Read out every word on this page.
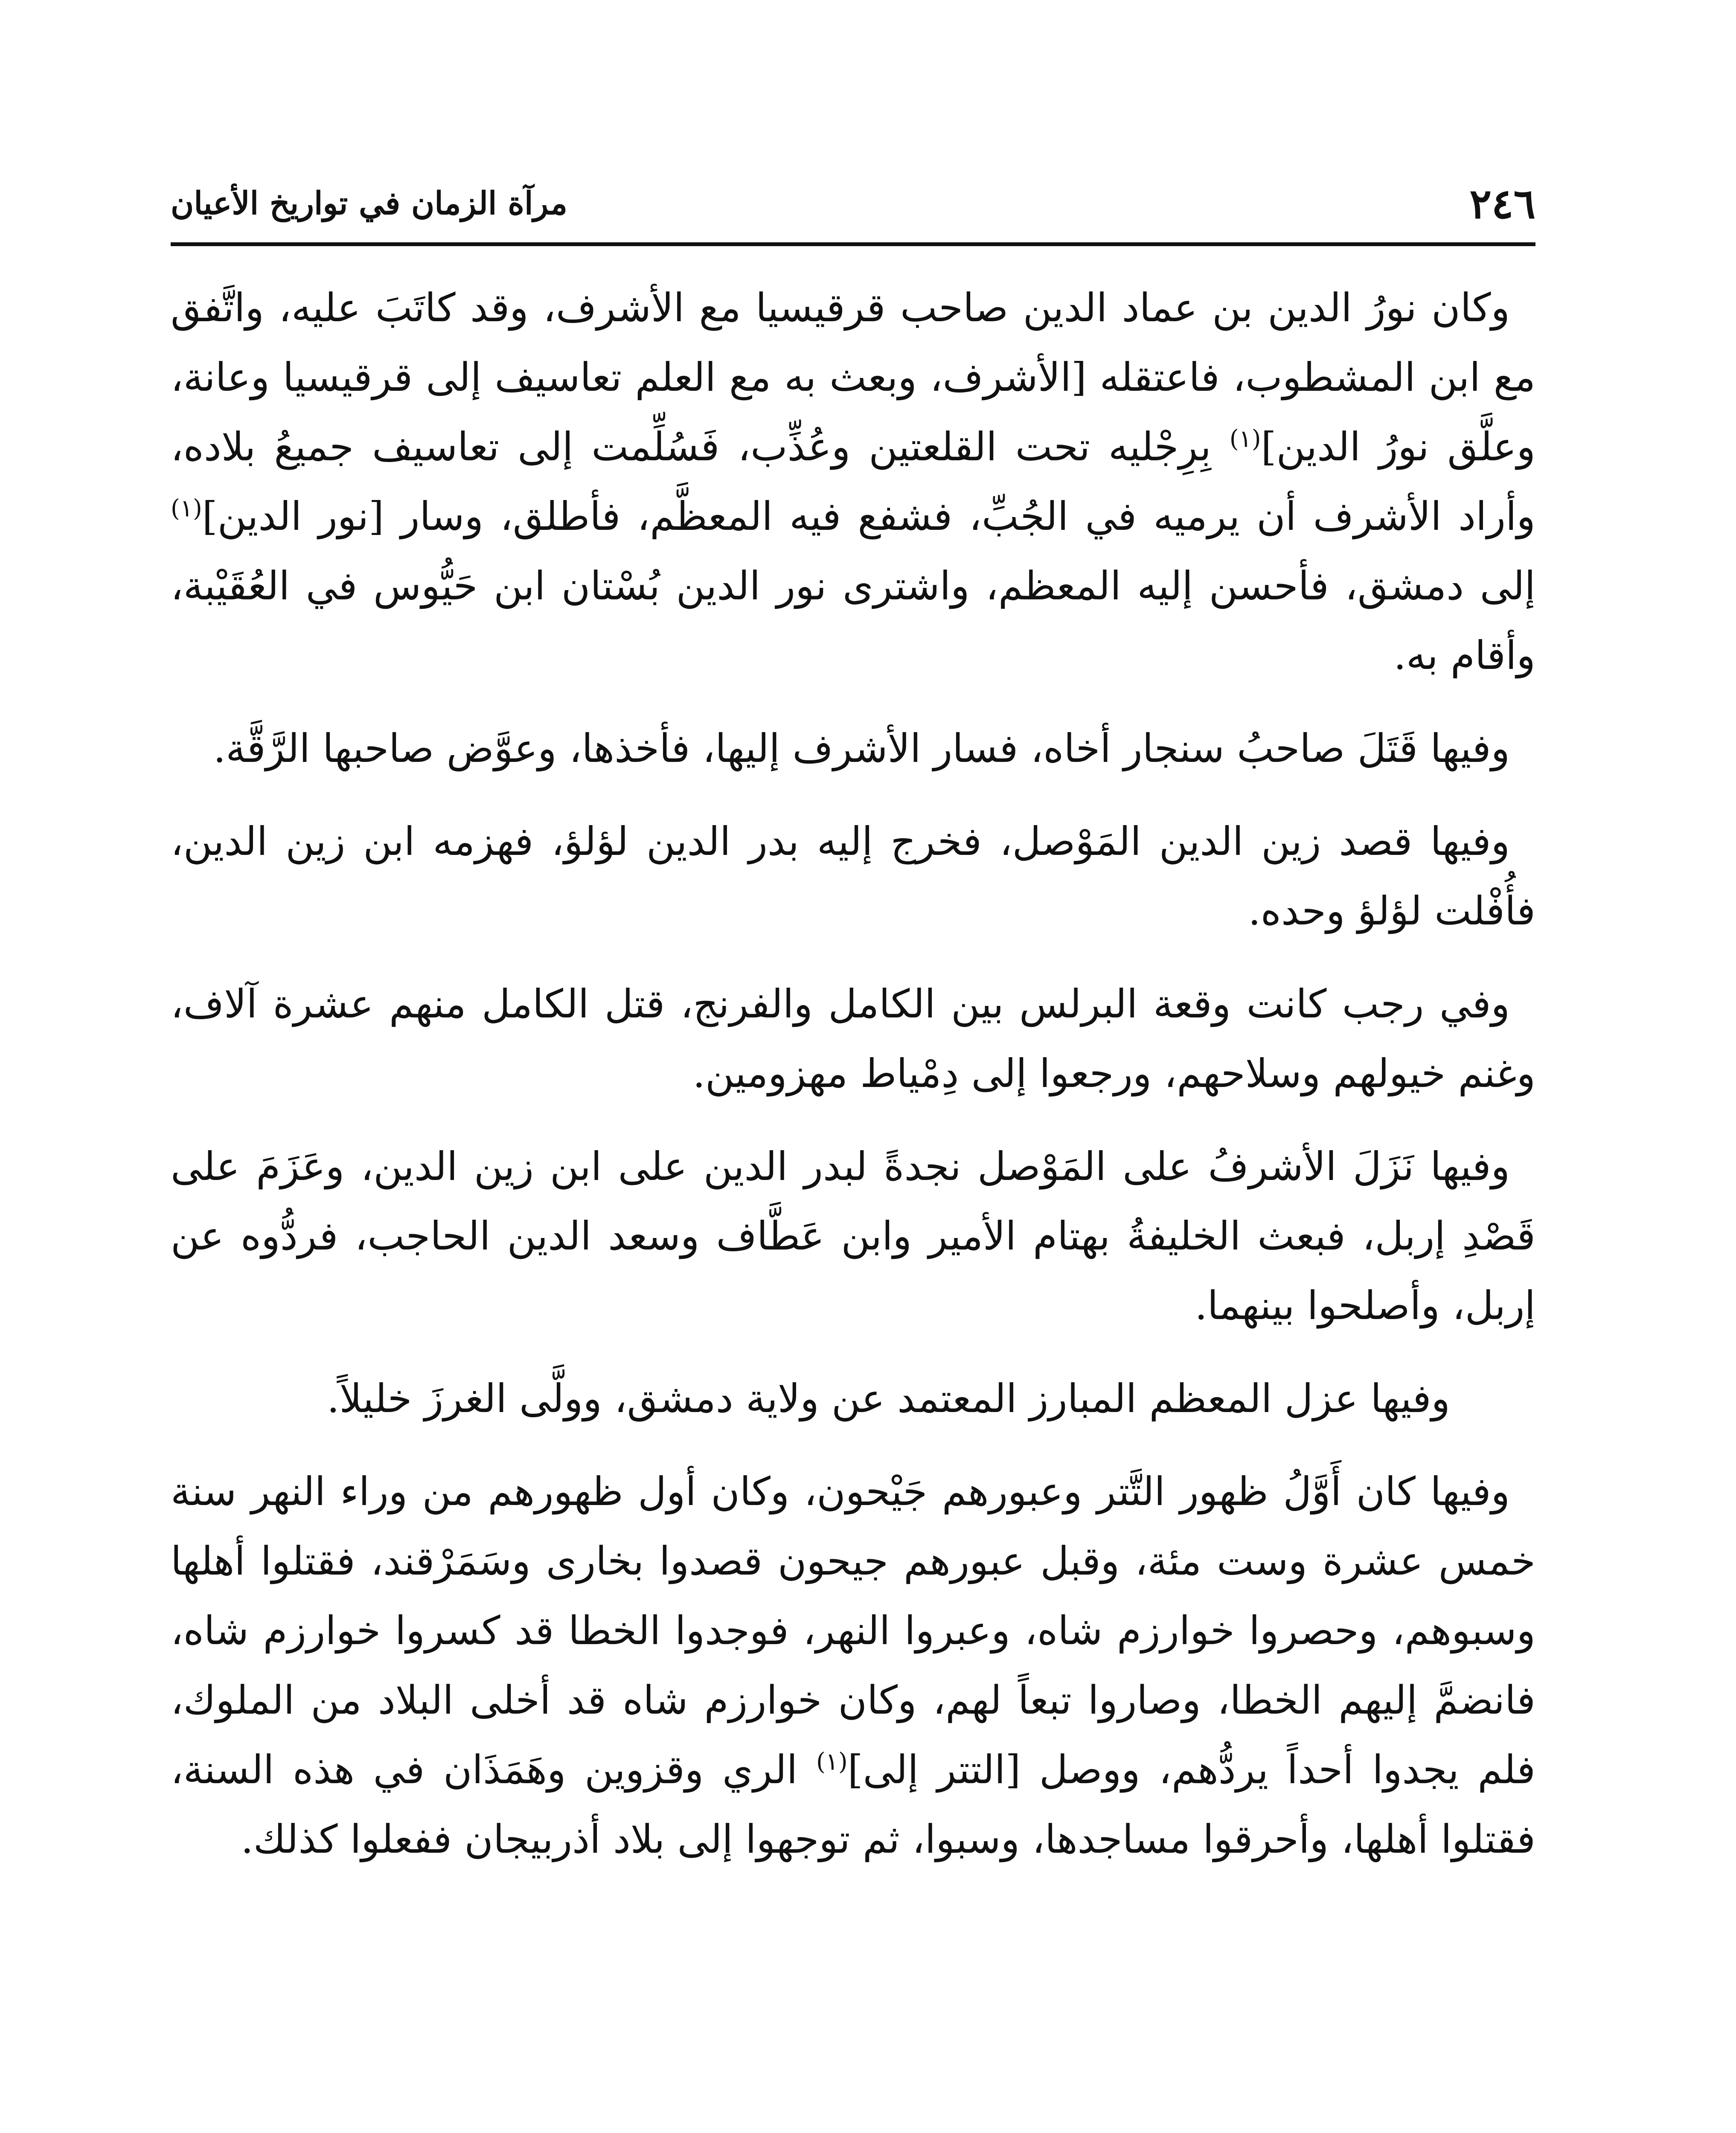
٢٤٦
مرآة الزمان في تواريخ الأعيان

وكان نورُ الدين بن عماد الدين صاحب قرقيسيا مع الأشرف، وقد كاتَبَ عليه، واتَّفق مع ابن المشطوب، فاعتقله [الأشرف، وبعث به مع العلم تعاسيف إلى قرقيسيا وعانة، وعلَّق نورُ الدين]$^{(١)}$ بِرِجْليه تحت القلعتين وعُذِّب، فَسُلِّمت إلى تعاسيف جميعُ بلاده، وأراد الأشرف أن يرميه في الجُبِّ، فشفع فيه المعظَّم، فأطلق، وسار [نور الدين]$^{(١)}$ إلى دمشق، فأحسن إليه المعظم، واشترى نور الدين بُسْتان ابن حَيُّوس في العُقَيْبة، وأقام به.

وفيها قَتَلَ صاحبُ سنجار أخاه، فسار الأشرف إليها، فأخذها، وعوَّض صاحبها الرَّقَّة.

وفيها قصد زين الدين المَوْصل، فخرج إليه بدر الدين لؤلؤ، فهزمه ابن زين الدين، فأُفْلت لؤلؤ وحده.

وفي رجب كانت وقعة البرلس بين الكامل والفرنج، قتل الكامل منهم عشرة آلاف، وغنم خيولهم وسلاحهم، ورجعوا إلى دِمْياط مهزومين.

وفيها نَزَلَ الأشرفُ على المَوْصل نجدةً لبدر الدين على ابن زين الدين، وعَزَمَ على قَصْدِ إربل، فبعث الخليفةُ بهتام الأمير وابن عَطَّاف وسعد الدين الحاجب، فردُّوه عن إربل، وأصلحوا بينهما.

وفيها عزل المعظم المبارز المعتمد عن ولاية دمشق، وولَّى الغرزَ خليلاً.

وفيها كان أَوَّلُ ظهور التَّتر وعبورهم جَيْحون، وكان أول ظهورهم من وراء النهر سنة خمس عشرة وست مئة، وقبل عبورهم جيحون قصدوا بخارى وسَمَرْقند، فقتلوا أهلها وسبوهم، وحصروا خوارزم شاه، وعبروا النهر، فوجدوا الخطا قد كسروا خوارزم شاه، فانضمَّ إليهم الخطا، وصاروا تبعاً لهم، وكان خوارزم شاه قد أخلى البلاد من الملوك، فلم يجدوا أحداً يردُّهم، ووصل [التتر إلى]$^{(١)}$ الري وقزوين وهَمَذَان في هذه السنة، فقتلوا أهلها، وأحرقوا مساجدها، وسبوا، ثم توجهوا إلى بلاد أذربيجان ففعلوا كذلك.
